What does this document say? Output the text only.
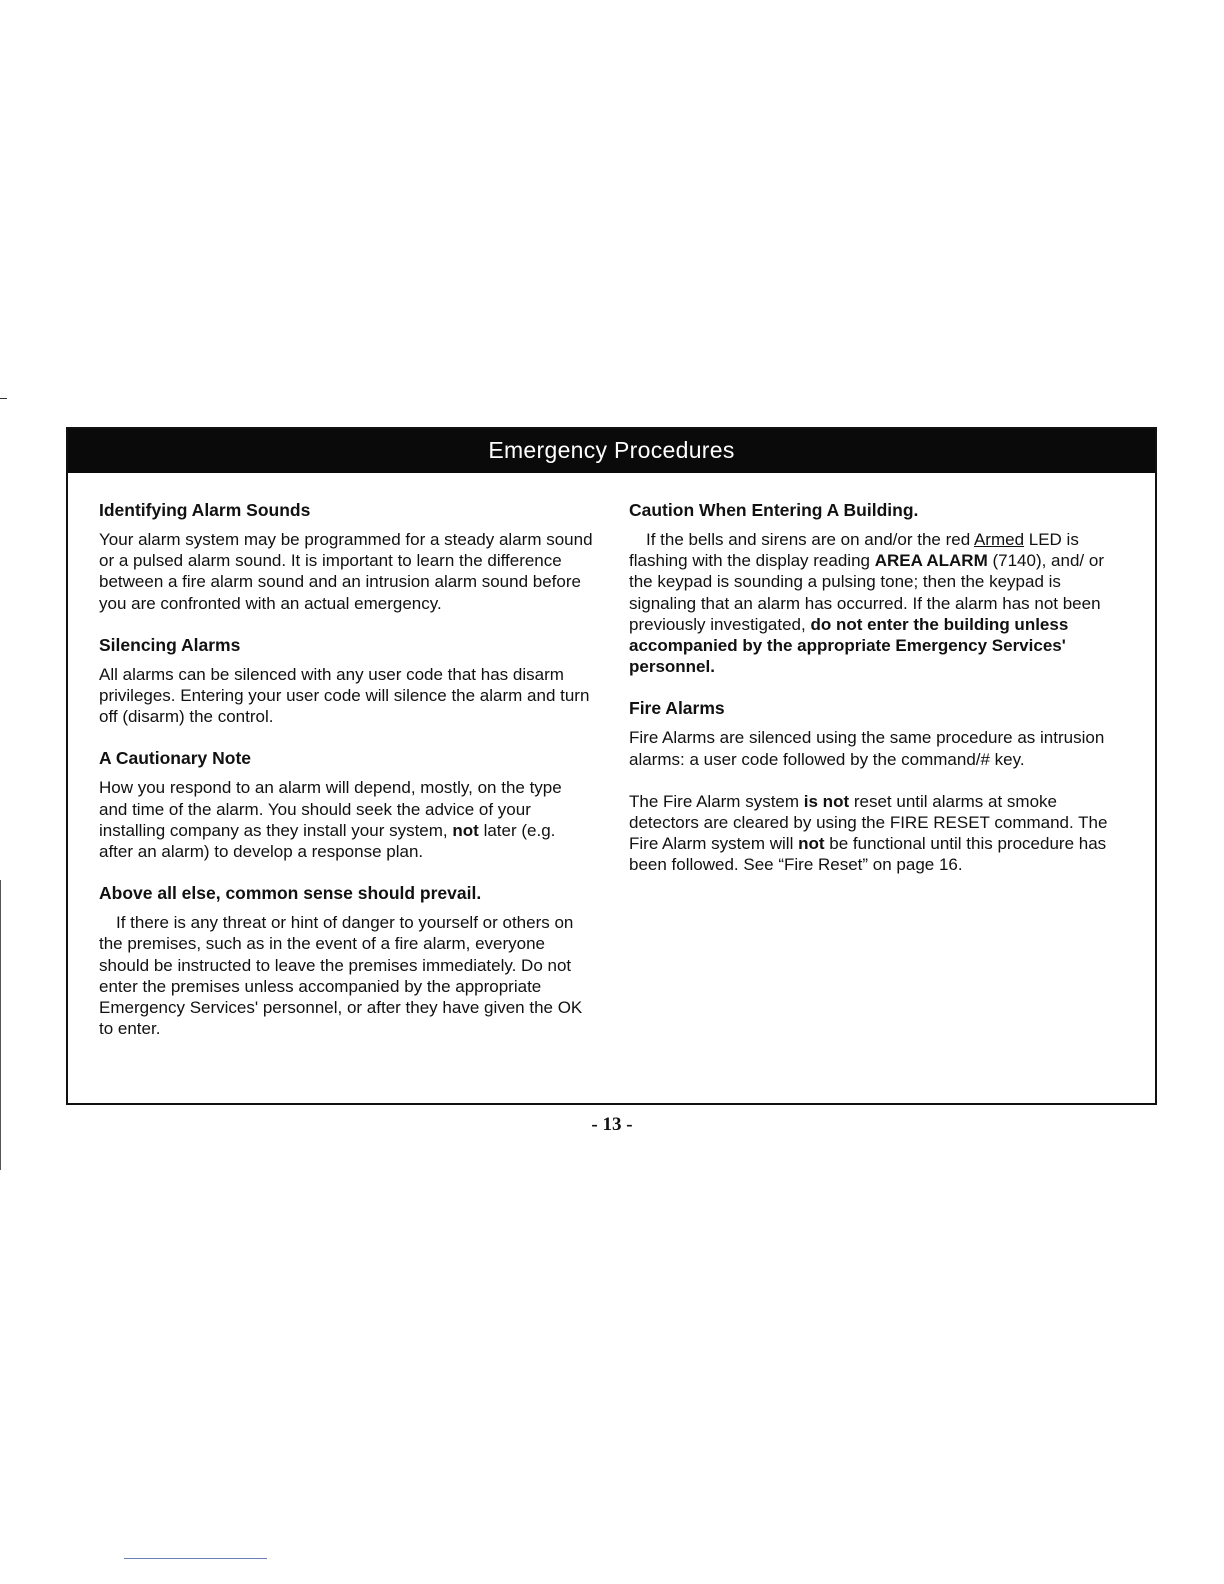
Emergency Procedures
Identifying Alarm Sounds

Your alarm system may be programmed for a steady alarm sound or a pulsed alarm sound. It is important to learn the difference between a fire alarm sound and an intrusion alarm sound before you are confronted with an actual emergency.

Silencing Alarms

All alarms can be silenced with any user code that has disarm privileges. Entering your user code will silence the alarm and turn off (disarm) the control.

A Cautionary Note

How you respond to an alarm will depend, mostly, on the type and time of the alarm. You should seek the advice of your installing company as they install your system, not later (e.g. after an alarm) to develop a response plan.

Above all else, common sense should prevail.

If there is any threat or hint of danger to yourself or others on the premises, such as in the event of a fire alarm, everyone should be instructed to leave the premises immediately. Do not enter the premises unless accompanied by the appropriate Emergency Services' personnel, or after they have given the OK to enter.

Caution When Entering A Building.

If the bells and sirens are on and/or the red Armed LED is flashing with the display reading AREA ALARM (7140), and/ or the keypad is sounding a pulsing tone; then the keypad is signaling that an alarm has occurred. If the alarm has not been previously investigated, do not enter the building unless accompanied by the appropriate Emergency Services' personnel.

Fire Alarms

Fire Alarms are silenced using the same procedure as intrusion alarms: a user code followed by the command/# key.

The Fire Alarm system is not reset until alarms at smoke detectors are cleared by using the FIRE RESET command. The Fire Alarm system will not be functional until this procedure has been followed. See “Fire Reset” on page 16.

- 13 -
